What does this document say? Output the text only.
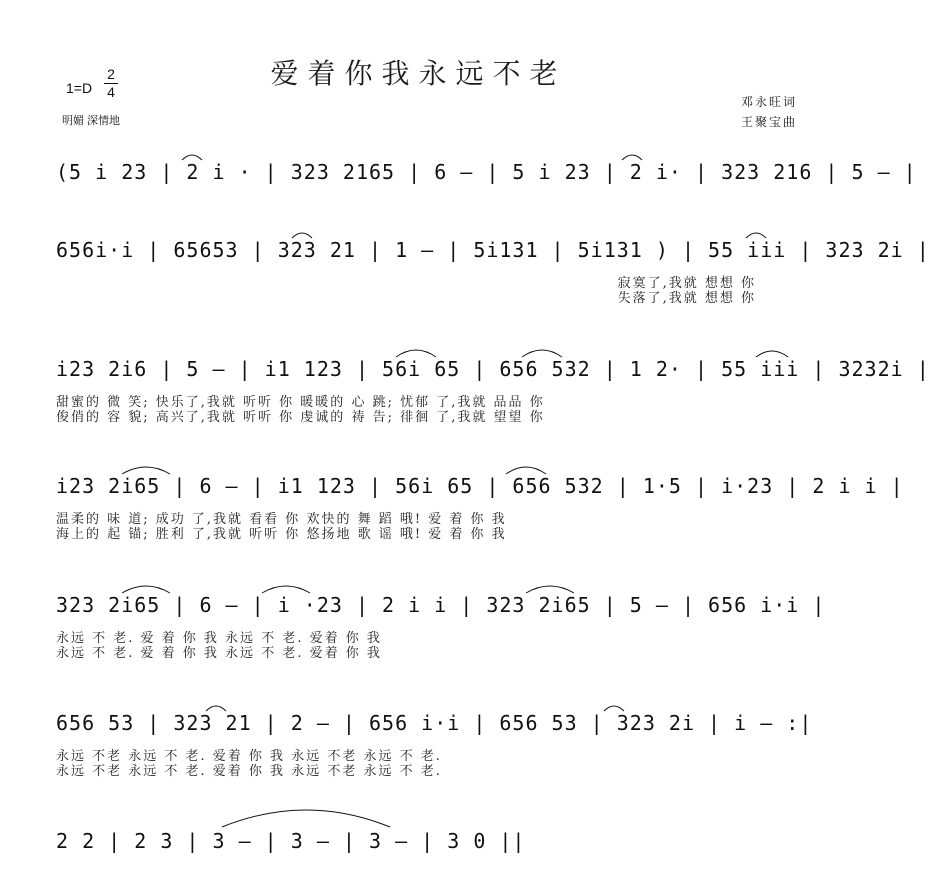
爱着你我永远不老
1=D
2
4
明媚 深情地
邓永旺词
王聚宝曲
(5 i 23 | 2 i · | 323 2165 | 6 – | 5 i 23 | 2 i· | 323 216 | 5 – |
656i·i | 65653 | 323 21 | 1 – | 5i131 | 5i131 ) | 55 iii | 323 2i |
寂寞了,我就 想想 你
失落了,我就 想想 你
i23 2i6 | 5 – | i1 123 | 56i 65 | 656 532 | 1 2· | 55 iii | 3232i |
甜蜜的 微 笑; 快乐了,我就 听听 你 暖暖的 心 跳; 忧郁 了,我就 品品 你
俊俏的 容 貌; 高兴了,我就 听听 你 虔诚的 祷 告; 徘徊 了,我就 望望 你
i23 2i65 | 6 – | i1 123 | 56i 65 | 656 532 | 1·5 | i·23 | 2 i i |
温柔的 味 道; 成功 了,我就 看看 你 欢快的 舞 蹈 哦! 爱 着 你 我
海上的 起 锚; 胜利 了,我就 听听 你 悠扬地 歌 谣 哦! 爱 着 你 我
323 2i65 | 6 – | i ·23 | 2 i i | 323 2i65 | 5 – | 656 i·i |
永远 不 老. 爱 着 你 我 永远 不 老. 爱着 你 我
永远 不 老. 爱 着 你 我 永远 不 老. 爱着 你 我
656 53 | 323 21 | 2 – | 656 i·i | 656 53 | 323 2i | i – :|
永远 不老 永远 不 老. 爱着 你 我 永远 不老 永远 不 老.
永远 不老 永远 不 老. 爱着 你 我 永远 不老 永远 不 老.
2 2 | 2 3 | 3 – | 3 – | 3 – | 3 0 ||
